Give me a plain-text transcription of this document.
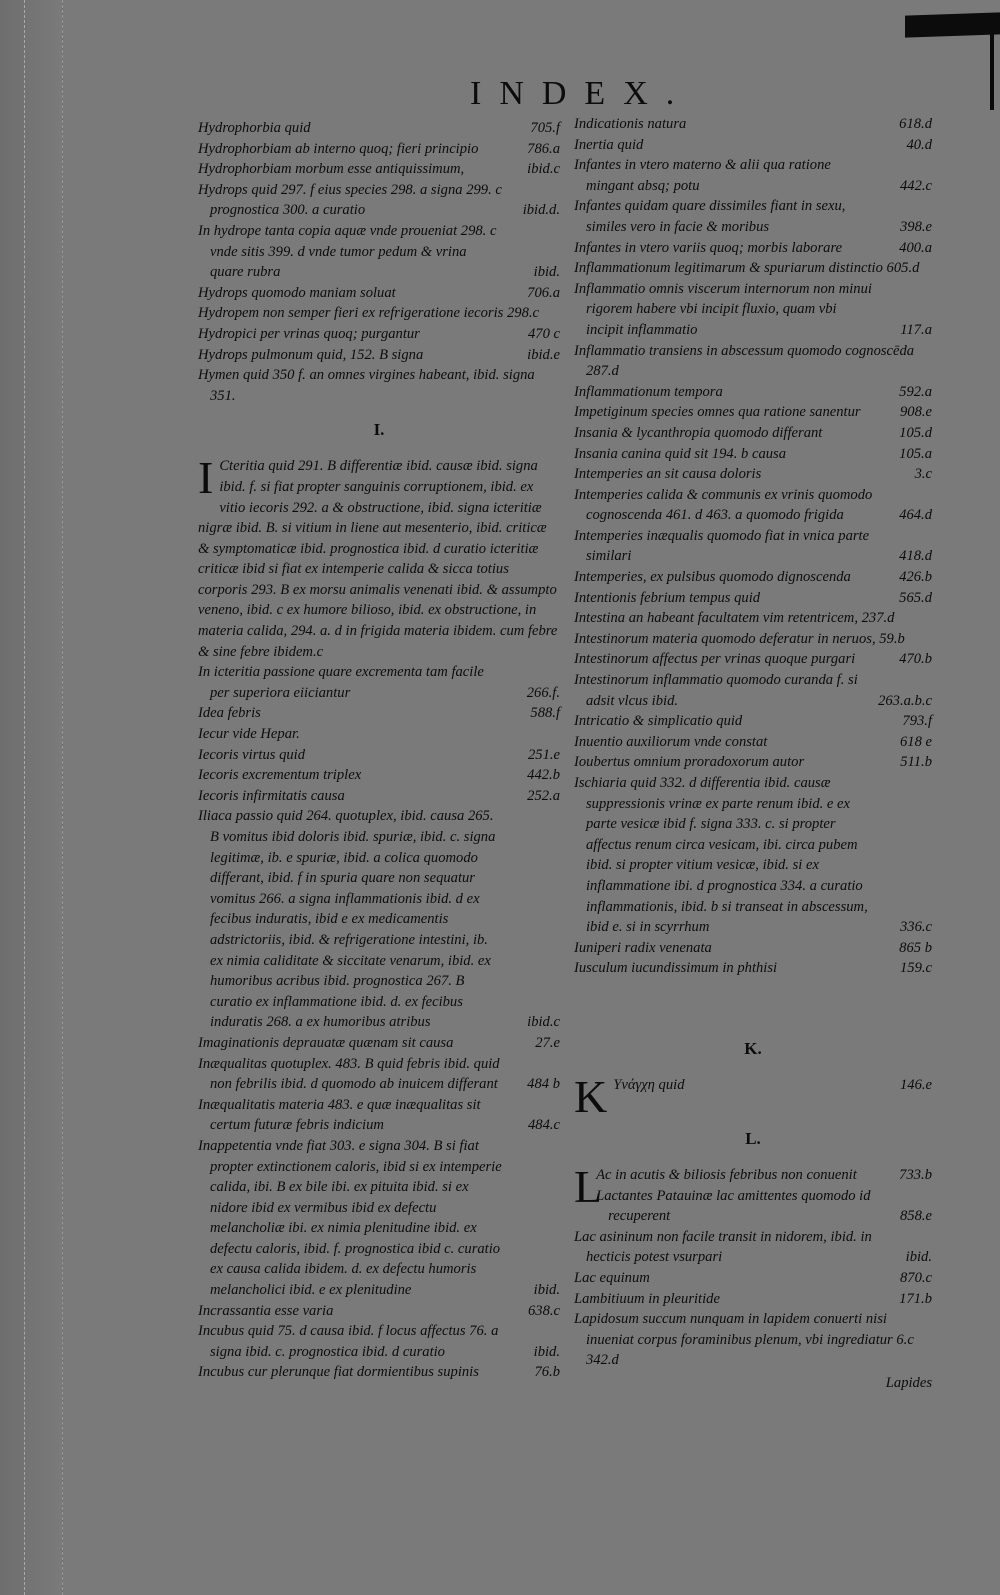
INDEX.
Hydrophorbia quid	705.f
Hydrophorbiam ab interno quoq; fieri principio	786.a
Hydrophorbiam morbum esse antiquissimum,	ibid.c
Hydrops quid 297. f eius species 298. a signa 299. c prognostica 300. a curatio	ibid.d.
In hydrope tanta copia aquæ vnde proueniat 298. c vnde sitis 399. d vnde tumor pedum & vrina quare rubra	ibid.
Hydrops quomodo maniam soluat	706.a
Hydropem non semper fieri ex refrigeratione iecoris 298.c
Hydropici per vrinas quoq; purgantur	470 c
Hydrops pulmonum quid, 152. B signa	ibid.e
Hymen quid 350 f. an omnes virgines habeant, ibid. signa 351.
I.
I Cteritia quid 291. B differentiæ ibid. causæ ibid. signa ibid. f. si fiat propter sanguinis corruptionem, ibid. ex vitio iecoris 292. a & obstructione, ibid. signa icteritiæ nigræ ibid. B. si vitium in liene aut mesenterio, ibid. criticæ & symptomaticæ ibid. prognostica ibid. d curatio icteritiæ criticæ ibid si fiat ex intemperie calida & sicca totius corporis 293. B ex morsu animalis venenati ibid. & assumpto veneno, ibid. c ex humore bilioso, ibid. ex obstructione, in materia calida, 294. a. d in frigida materia ibidem. cum febre & sine febre ibidem.c
In icteritia passione quare excrementa tam facile per superiora eiiciantur	266.f.
Idea febris	588.f
Iecur vide Hepar.
Iecoris virtus quid	251.e
Iecoris excrementum triplex	442.b
Iecoris infirmitatis causa	252.a
Iliaca passio quid 264. quotuplex, ibid. causa 265. B vomitus ibid doloris ibid. spuriæ, ibid. c. signa legitimæ, ib. e spuriæ, ibid. a colica quomodo differant, ibid. f in spuria quare non sequatur vomitus 266. a signa inflammationis ibid. d ex fecibus induratis, ibid e ex medicamentis adstrictoriis, ibid. & refrigeratione intestini, ib. ex nimia caliditate & siccitate venarum, ibid. ex humoribus acribus ibid. prognostica 267. B curatio ex inflammatione ibid. d. ex fecibus induratis 268. a ex humoribus atribus	ibid.c
Imaginationis deprauatæ quænam sit causa	27.e
Inæqualitas quotuplex. 483. B quid febris ibid. quid non febrilis ibid. d quomodo ab inuicem differant	484 b
Inæqualitatis materia 483. e quæ inæqualitas sit certum futuræ febris indicium	484.c
Inappetentia vnde fiat 303. e signa 304. B si fiat propter extinctionem caloris, ibid si ex intemperie calida, ibi. B ex bile ibi. ex pituita ibid. si ex nidore ibid ex vermibus ibid ex defectu melancholiæ ibi. ex nimia plenitudine ibid. ex defectu caloris, ibid. f. prognostica ibid c. curatio ex causa calida ibidem. d. ex defectu humoris melancholici ibid. e ex plenitudine	ibid.
Incrassantia esse varia	638.c
Incubus quid 75. d causa ibid. f locus affectus 76. a signa ibid. c. prognostica ibid. d curatio	ibid.
Incubus cur plerunque fiat dormientibus supinis	76.b
Indicationis natura	618.d
Inertia quid	40.d
Infantes in vtero materno & alii qua ratione mingant absq; potu	442.c
Infantes quidam quare dissimiles fiant in sexu, similes vero in facie & moribus	398.e
Infantes in vtero variis quoq; morbis laborare	400.a
Inflammationum legitimarum & spuriarum distinctio 605.d
Inflammatio omnis viscerum internorum non minui rigorem habere vbi incipit fluxio, quam vbi incipit inflammatio	117.a
Inflammatio transiens in abscessum quomodo cognoscēda 287.d
Inflammationum tempora	592.a
Impetiginum species omnes qua ratione sanentur	908.e
Insania & lycanthropia quomodo differant	105.d
Insania canina quid sit 194. b causa	105.a
Intemperies an sit causa doloris	3.c
Intemperies calida & communis ex vrinis quomodo cognoscenda 461. d 463. a quomodo frigida	464.d
Intemperies inæqualis quomodo fiat in vnica parte similari	418.d
Intemperies, ex pulsibus quomodo dignoscenda	426.b
Intentionis febrium tempus quid	565.d
Intestina an habeant facultatem vim retentricem, 237.d
Intestinorum materia quomodo deferatur in neruos, 59.b
Intestinorum affectus per vrinas quoque purgari	470.b
Intestinorum inflammatio quomodo curanda f. si adsit vlcus ibid.	263.a.b.c
Intricatio & simplicatio quid	793.f
Inuentio auxiliorum vnde constat	618 e
Ioubertus omnium proradoxorum autor	511.b
Ischiaria quid 332. d differentia ibid. causæ suppressionis vrinæ ex parte renum ibid. e ex parte vesicæ ibid f. signa 333. c. si propter affectus renum circa vesicam, ibi. circa pubem ibid. si propter vitium vesicæ, ibid. si ex inflammatione ibi. d prognostica 334. a curatio inflammationis, ibid. b si transeat in abscessum, ibid e. si in scyrrhum	336.c
Iuniperi radix venenata	865 b
Iusculum iucundissimum in phthisi	159.c
K.
K Υνάγχη quid	146.e
L.
L
Ac in acutis & biliosis febribus non conuenit	733.b
Lactantes Patauinæ lac amittentes quomodo id recuperent	858.e
Lac asininum non facile transit in nidorem, ibid. in hecticis potest vsurpari	ibid.
Lac equinum	870.c
Lambitiuum in pleuritide	171.b
Lapidosum succum nunquam in lapidem conuerti nisi inueniat corpus foraminibus plenum, vbi ingrediatur 6.c 342.d
Lapides
